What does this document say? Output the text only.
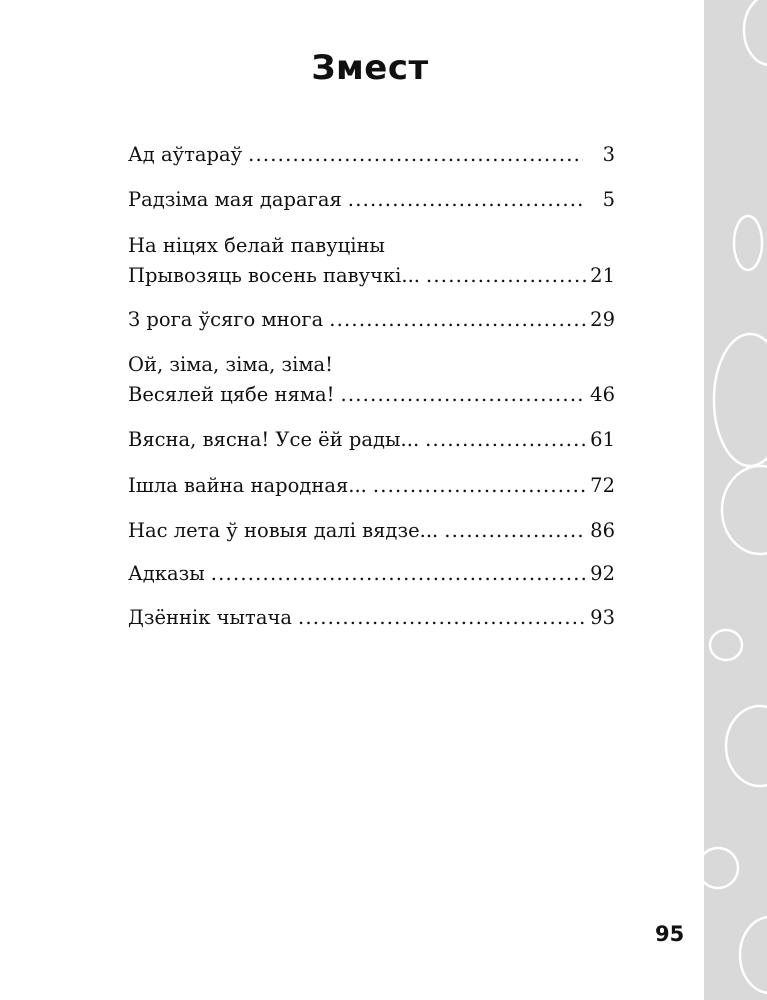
Змест
Ад аўтараў .....	3
Радзіма мая дарагая .....	5
На ніцях белай павуціны
Прывозяць восень павучкі... .....	21
З рога ўсяго многа .....	29
Ой, зіма, зіма, зіма!
Весялей цябе няма! .....	46
Вясна, вясна! Усе ёй рады... .....	61
Ішла вайна народная... .....	72
Нас лета ў новыя далі вядзе... .....	86
Адказы .....	92
Дзённік чытача .....	93
95
